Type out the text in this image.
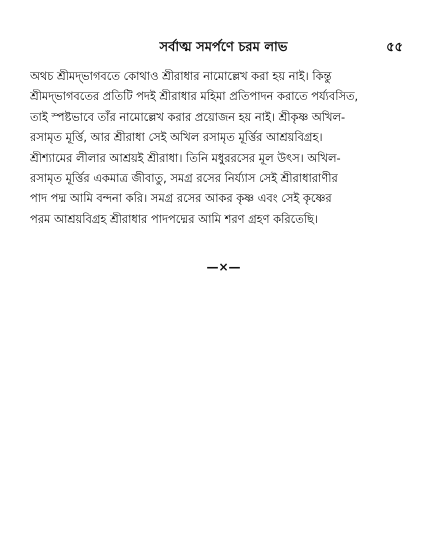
সর্বাত্ম সমর্পণে চরম লাভ	৫৫
অথচ শ্রীমদ্‌ভাগবতে কোথাও শ্রীরাধার নামোল্লেখ করা হয় নাই। কিন্তু
শ্রীমদ্‌ভাগবতের প্রতিটি পদই শ্রীরাধার মহিমা প্রতিপাদন করাতে পর্য্যবসিত,
তাই স্পষ্টভাবে তাঁর নামোল্লেখ করার প্রয়োজন হয় নাই। শ্রীকৃষ্ণ অখিল-
রসামৃত মূর্ত্তি, আর শ্রীরাধা সেই অখিল রসামৃত মূর্ত্তির আশ্রয়বিগ্রহ।
শ্রীশ্যামের লীলার আশ্রয়ই শ্রীরাধা। তিনি মধুররসের মূল উৎস। অখিল-
রসামৃত মূর্ত্তির একমাত্র জীবাতু, সমগ্র রসের নির্য্যাস সেই শ্রীরাধারাণীর
পাদ পদ্ম আমি বন্দনা করি। সমগ্র রসের আকর কৃষ্ণ এবং সেই কৃষ্ণের
পরম আশ্রয়বিগ্রহ শ্রীরাধার পাদপদ্মের আমি শরণ গ্রহণ করিতেছি।
—×—
